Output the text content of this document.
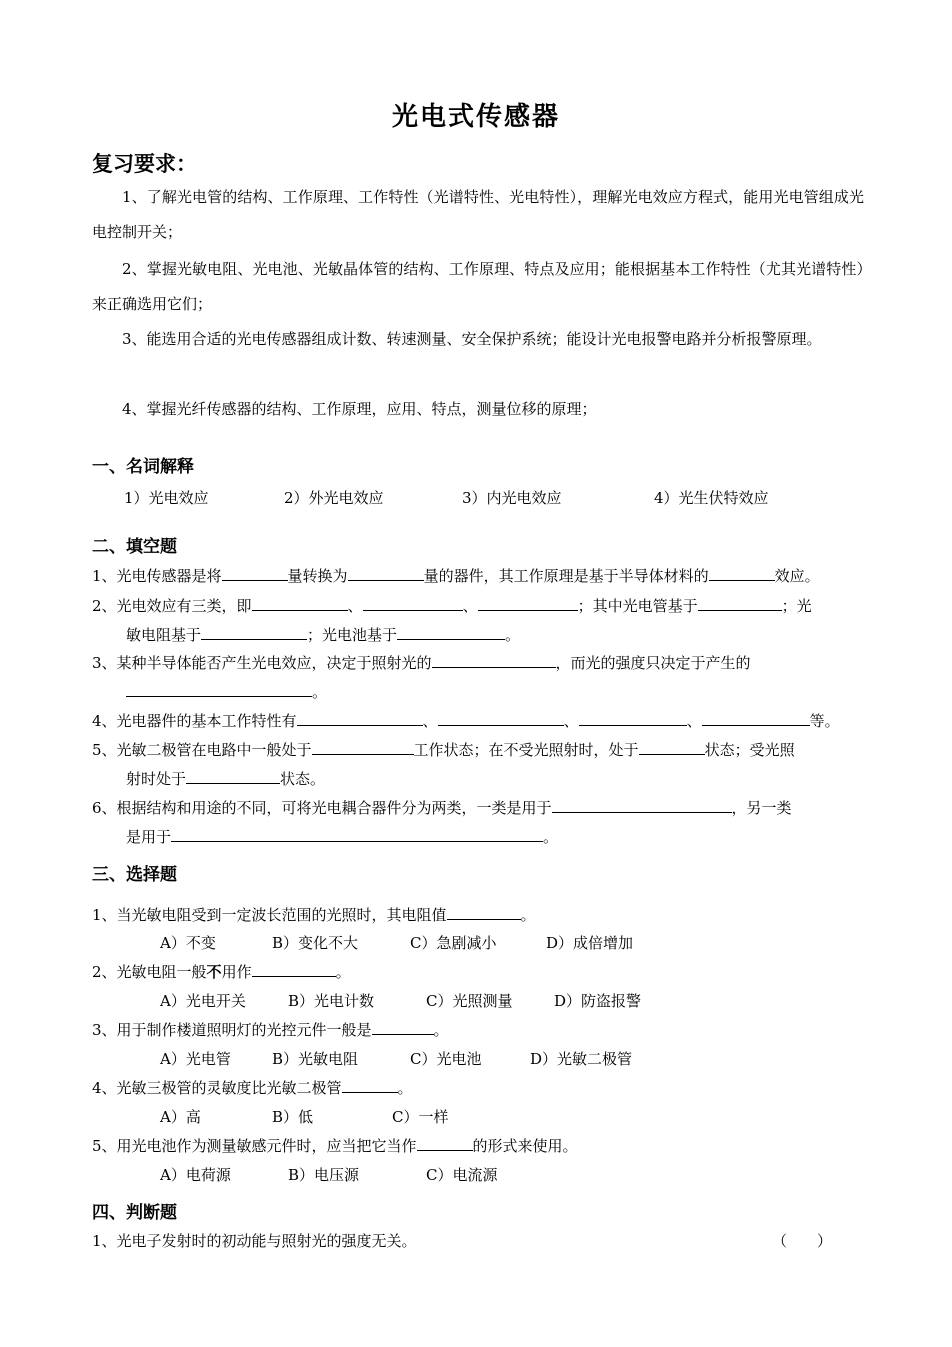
光电式传感器
复习要求：

1、了解光电管的结构、工作原理、工作特性（光谱特性、光电特性），理解光电效应方程式，能用光电管组成光电控制开关；

2、掌握光敏电阻、光电池、光敏晶体管的结构、工作原理、特点及应用；能根据基本工作特性（尤其光谱特性）来正确选用它们；

3、能选用合适的光电传感器组成计数、转速测量、安全保护系统；能设计光电报警电路并分析报警原理。

4、掌握光纤传感器的结构、工作原理，应用、特点，测量位移的原理；

一、名词解释
1）光电效应	2）外光电效应	3）内光电效应	4）光生伏特效应
二、填空题
1、光电传感器是将	量转换为	量的器件，其工作原理是基于半导体材料的	效应。
2、光电效应有三类，即	、	、	；其中光电管基于	；光
敏电阻基于	；光电池基于	。
3、某种半导体能否产生光电效应，决定于照射光的	，而光的强度只决定于产生的
。
4、光电器件的基本工作特性有	、	、	、	等。
5、光敏二极管在电路中一般处于	工作状态；在不受光照射时，处于	状态；受光照
射时处于	状态。
6、根据结构和用途的不同，可将光电耦合器件分为两类，一类是用于	，另一类
是用于	。
三、选择题
1、当光敏电阻受到一定波长范围的光照时，其电阻值	。
A）不变	B）变化不大	C）急剧减小	D）成倍增加
2、光敏电阻一般不用作	。
A）光电开关	B）光电计数	C）光照测量	D）防盗报警
3、用于制作楼道照明灯的光控元件一般是	。
A）光电管	B）光敏电阻	C）光电池	D）光敏二极管
4、光敏三极管的灵敏度比光敏二极管	。
A）高	B）低	C）一样
5、用光电池作为测量敏感元件时，应当把它当作	的形式来使用。
A）电荷源	B）电压源	C）电流源
四、判断题
1、光电子发射时的初动能与照射光的强度无关。	（　　）
